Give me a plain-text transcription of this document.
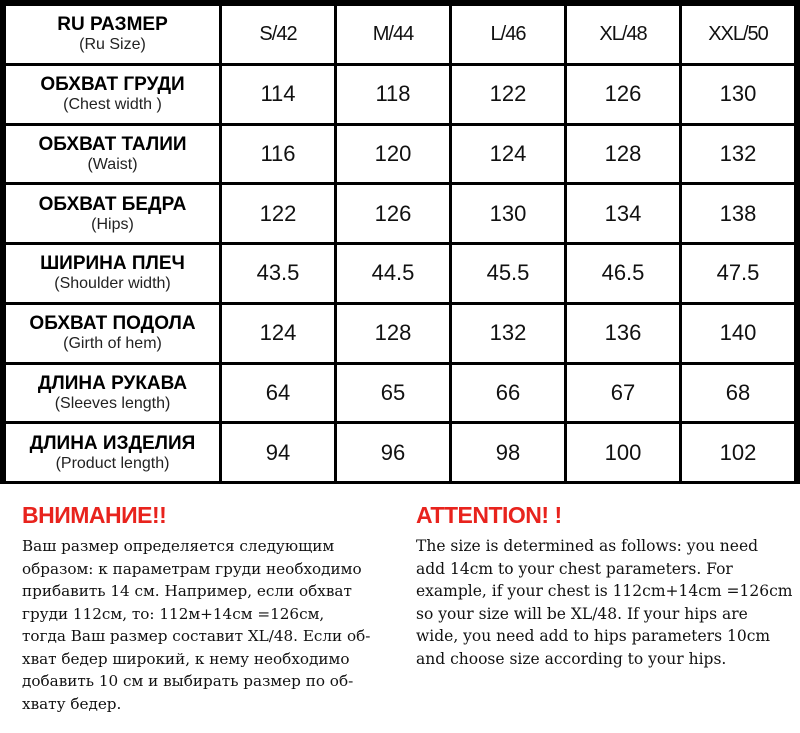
RU РАЗМЕР
(Ru Size)	S/42	M/44	L/46	XL/48	XXL/50

ОБХВАТ ГРУДИ
(Chest width )	114	118	122	126	130

ОБХВАТ ТАЛИИ
(Waist)	116	120	124	128	132

ОБХВАТ БЕДРА
(Hips)	122	126	130	134	138

ШИРИНА ПЛЕЧ
(Shoulder width)	43.5	44.5	45.5	46.5	47.5

ОБХВАТ ПОДОЛА
(Girth of hem)	124	128	132	136	140

ДЛИНА РУКАВА
(Sleeves length)	64	65	66	67	68

ДЛИНА ИЗДЕЛИЯ
(Product length)	94	96	98	100	102

ВНИМАНИЕ!!

Ваш размер определяется следующим
образом: к параметрам груди необходимо
прибавить 14 см. Например, если обхват
груди 112cм, то: 112м+14см =126cм,
тогда Ваш размер составит XL/48. Если об-
хват бедер широкий, к нему необходимо
добавить 10 см и выбирать размер по об-
хвату бедер.

ATTENTION! !

The size is determined as follows: you need
add 14cm to your chest parameters. For
example, if your chest is 112cm+14cm =126cm
so your size will be XL/48. If your hips are
wide, you need add to hips parameters 10cm
and choose size according to your hips.
